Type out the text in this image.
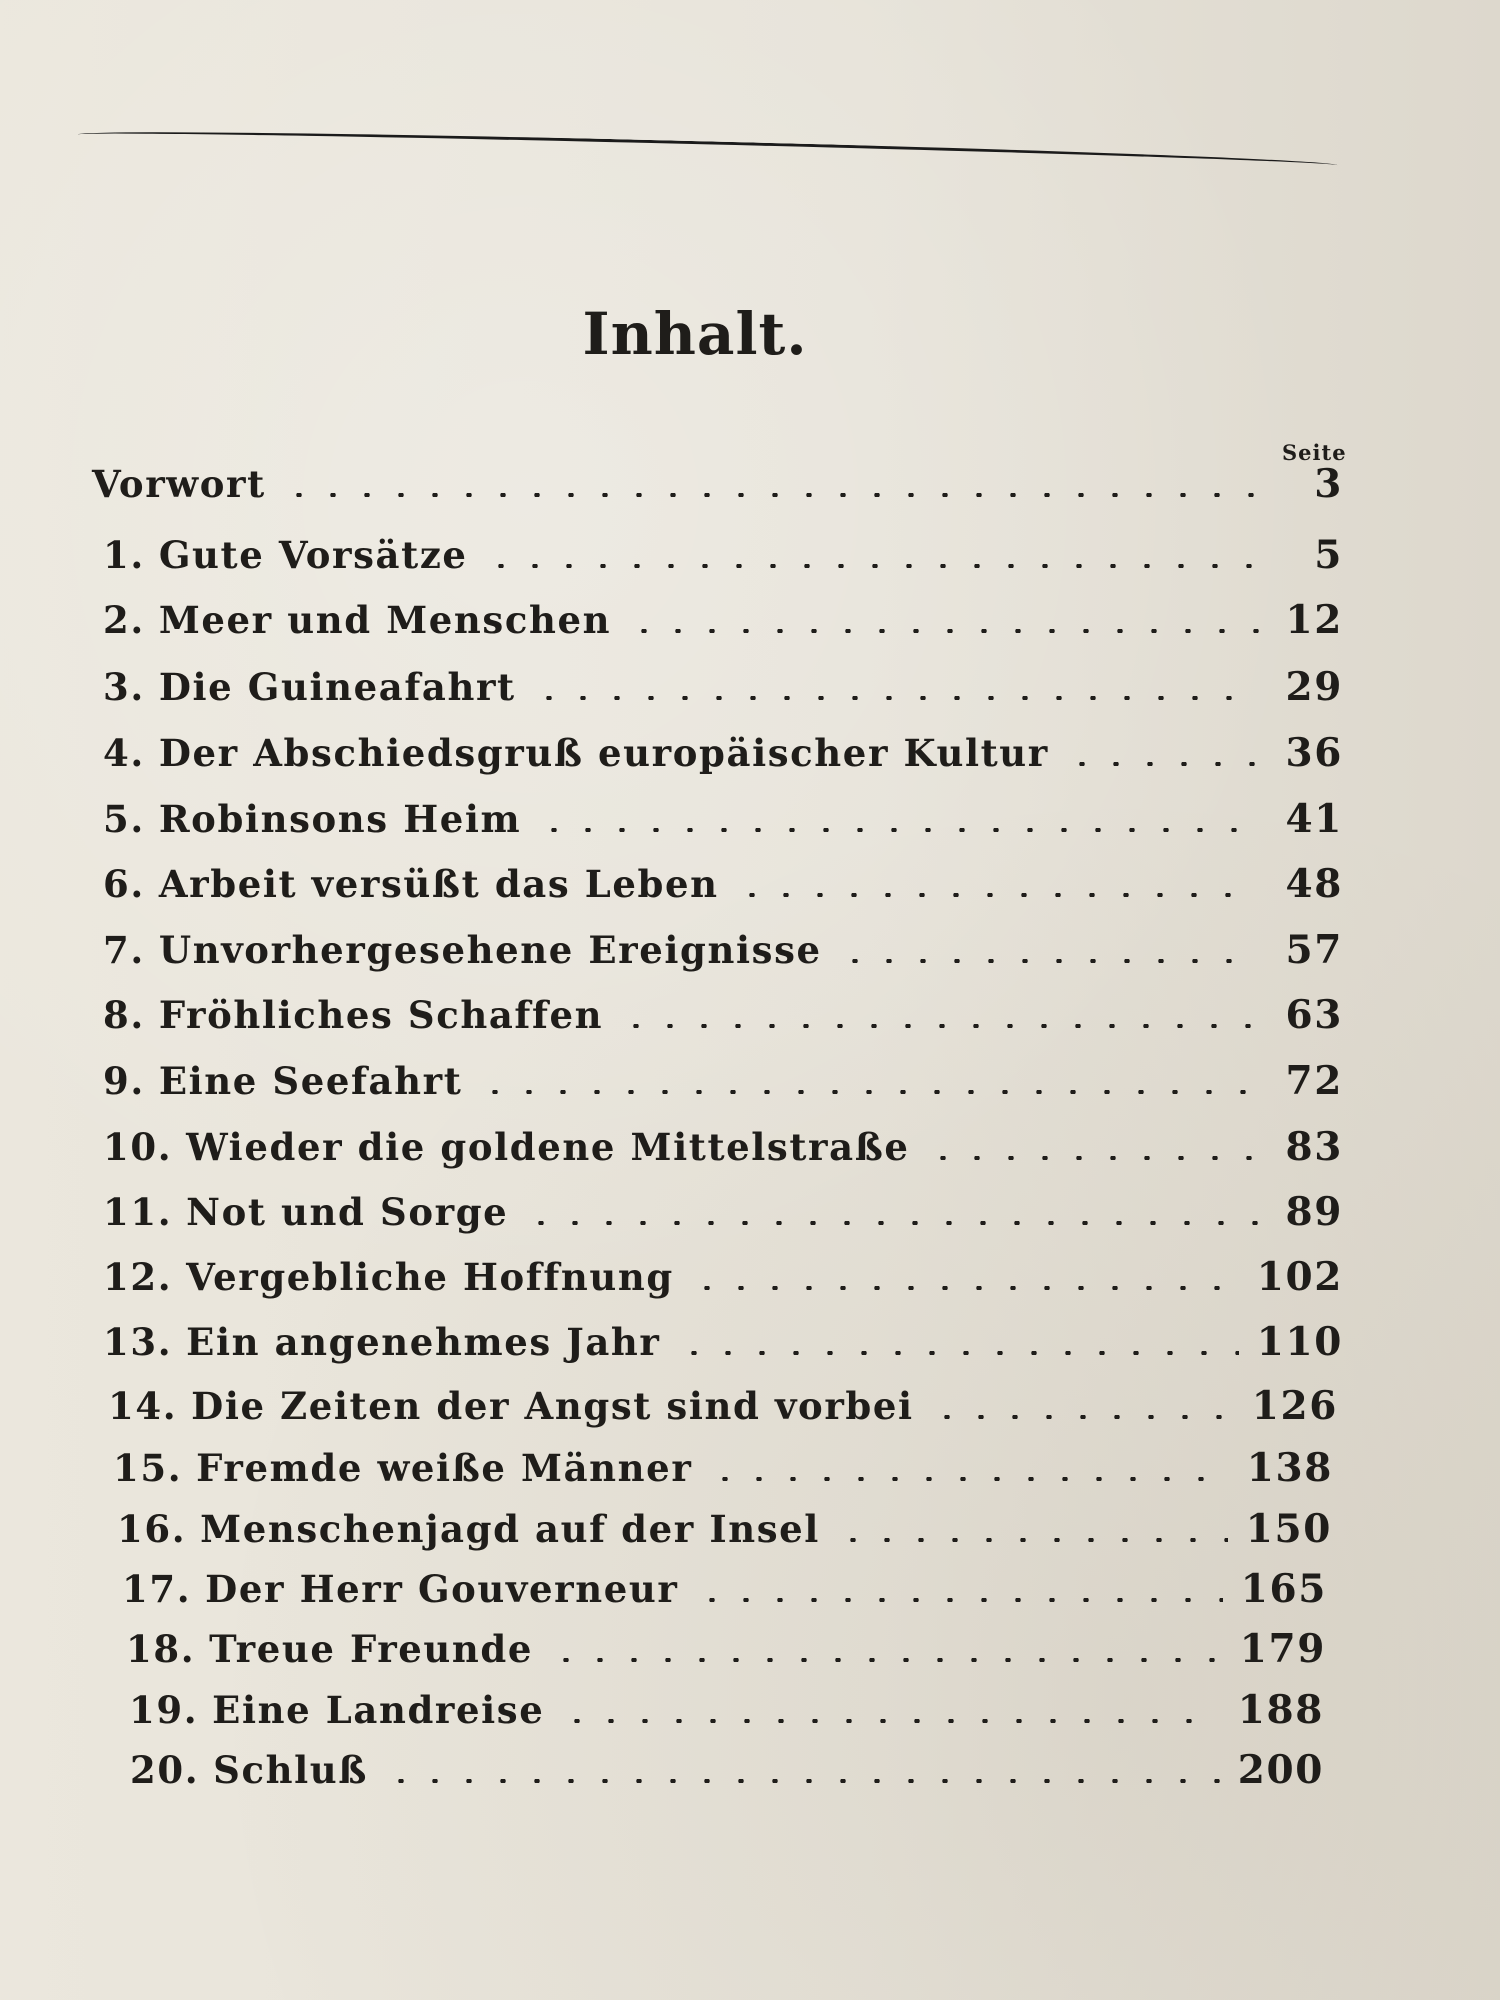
Inhalt.
Seite
Vorwort	3
1. Gute Vorsätze	5
2. Meer und Menschen	12
3. Die Guineafahrt	29
4. Der Abschiedsgruß europäischer Kultur	36
5. Robinsons Heim	41
6. Arbeit versüßt das Leben	48
7. Unvorhergesehene Ereignisse	57
8. Fröhliches Schaffen	63
9. Eine Seefahrt	72
10. Wieder die goldene Mittelstraße	83
11. Not und Sorge	89
12. Vergebliche Hoffnung	102
13. Ein angenehmes Jahr	110
14. Die Zeiten der Angst sind vorbei	126
15. Fremde weiße Männer	138
16. Menschenjagd auf der Insel	150
17. Der Herr Gouverneur	165
18. Treue Freunde	179
19. Eine Landreise	188
20. Schluß	200
